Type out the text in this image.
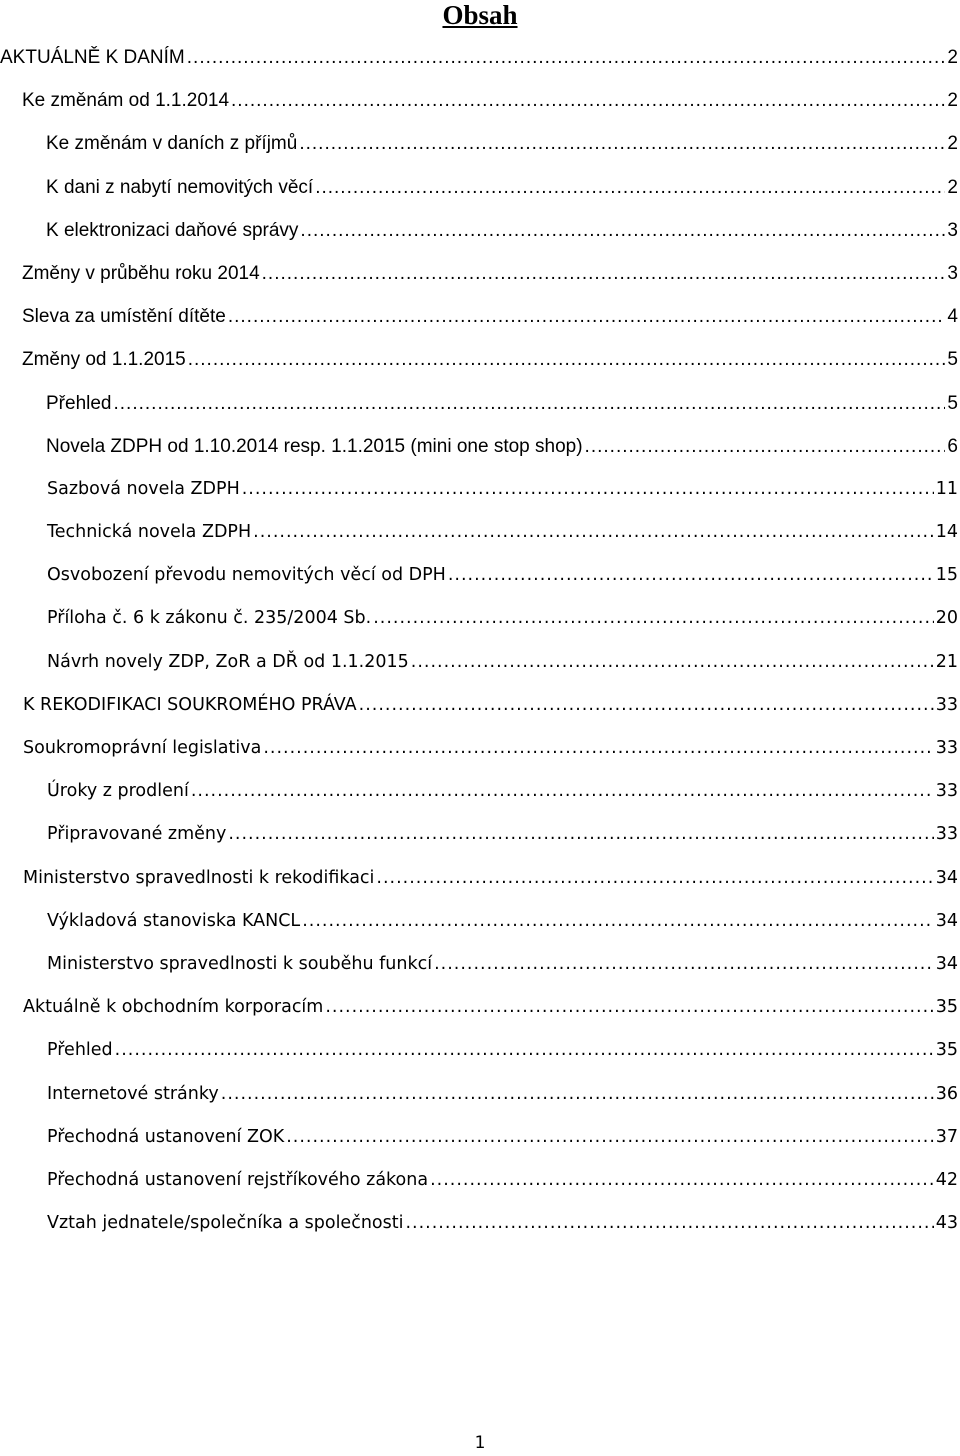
Obsah
AKTUÁLNĚ K DANÍM .....	2
Ke změnám od 1.1.2014 .....	2
Ke změnám v daních z příjmů .....	2
K dani z nabytí nemovitých věcí .....	2
K elektronizaci daňové správy .....	3
Změny v průběhu roku 2014 .....	3
Sleva za umístění dítěte .....	4
Změny od 1.1.2015 .....	5
Přehled .....	5
Novela ZDPH od 1.10.2014 resp. 1.1.2015 (mini one stop shop) .....	6
Sazbová novela ZDPH .....	11
Technická novela ZDPH .....	14
Osvobození převodu nemovitých věcí od DPH .....	15
Příloha č. 6 k zákonu č. 235/2004 Sb. .....	20
Návrh novely ZDP, ZoR a DŘ od 1.1.2015 .....	21
K REKODIFIKACI SOUKROMÉHO PRÁVA .....	33
Soukromoprávní legislativa .....	33
Úroky z prodlení .....	33
Připravované změny .....	33
Ministerstvo spravedlnosti k rekodifikaci .....	34
Výkladová stanoviska KANCL .....	34
Ministerstvo spravedlnosti k souběhu funkcí .....	34
Aktuálně k obchodním korporacím .....	35
Přehled .....	35
Internetové stránky .....	36
Přechodná ustanovení ZOK .....	37
Přechodná ustanovení rejstříkového zákona .....	42
Vztah jednatele/společníka a společnosti .....	43
1
